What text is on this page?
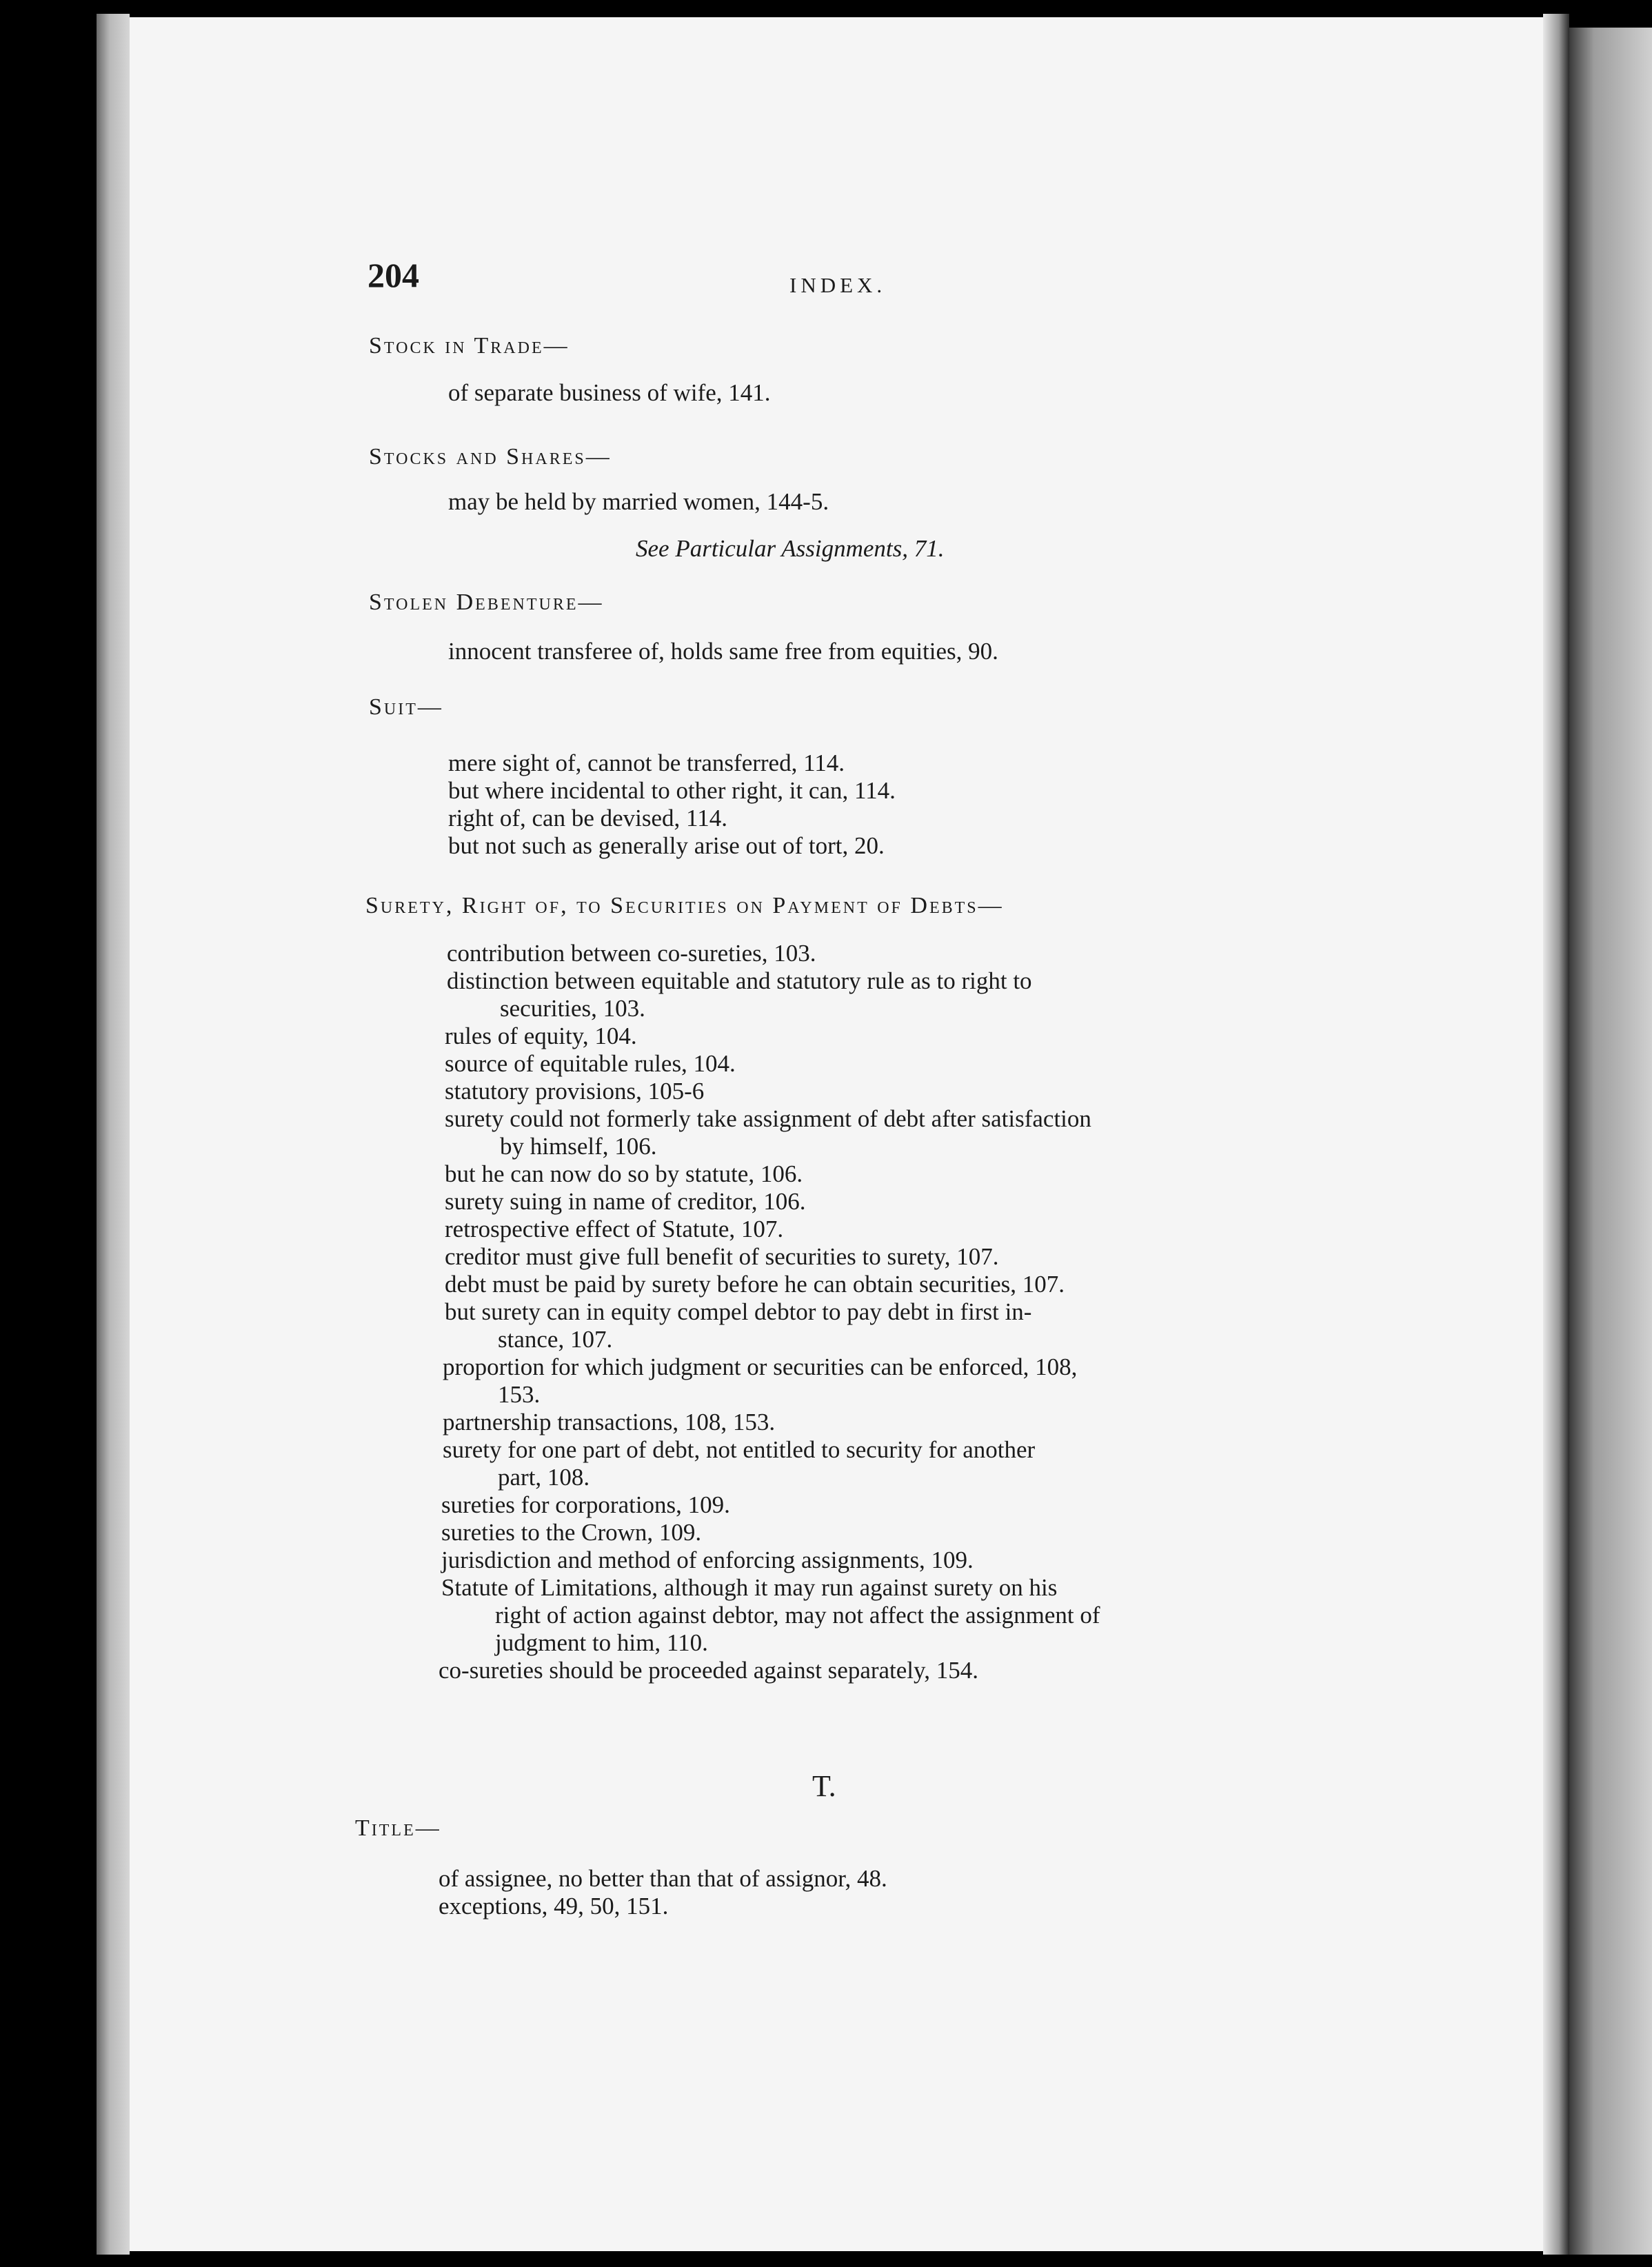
204	INDEX.
Stock in Trade—
of separate business of wife, 141.
Stocks and Shares—
may be held by married women, 144-5.
See Particular Assignments, 71.
Stolen Debenture—
innocent transferee of, holds same free from equities, 90.
Suit—
mere sight of, cannot be transferred, 114.
but where incidental to other right, it can, 114.
right of, can be devised, 114.
but not such as generally arise out of tort, 20.
Surety, Right of, to Securities on Payment of Debts—
contribution between co-sureties, 103.
distinction between equitable and statutory rule as to right to
securities, 103.
rules of equity, 104.
source of equitable rules, 104.
statutory provisions, 105-6
surety could not formerly take assignment of debt after satisfaction
by himself, 106.
but he can now do so by statute, 106.
surety suing in name of creditor, 106.
retrospective effect of Statute, 107.
creditor must give full benefit of securities to surety, 107.
debt must be paid by surety before he can obtain securities, 107.
but surety can in equity compel debtor to pay debt in first in-
stance, 107.
proportion for which judgment or securities can be enforced, 108,
153.
partnership transactions, 108, 153.
surety for one part of debt, not entitled to security for another
part, 108.
sureties for corporations, 109.
sureties to the Crown, 109.
jurisdiction and method of enforcing assignments, 109.
Statute of Limitations, although it may run against surety on his
right of action against debtor, may not affect the assignment of
judgment to him, 110.
co-sureties should be proceeded against separately, 154.
T.
Title—
of assignee, no better than that of assignor, 48.
exceptions, 49, 50, 151.
